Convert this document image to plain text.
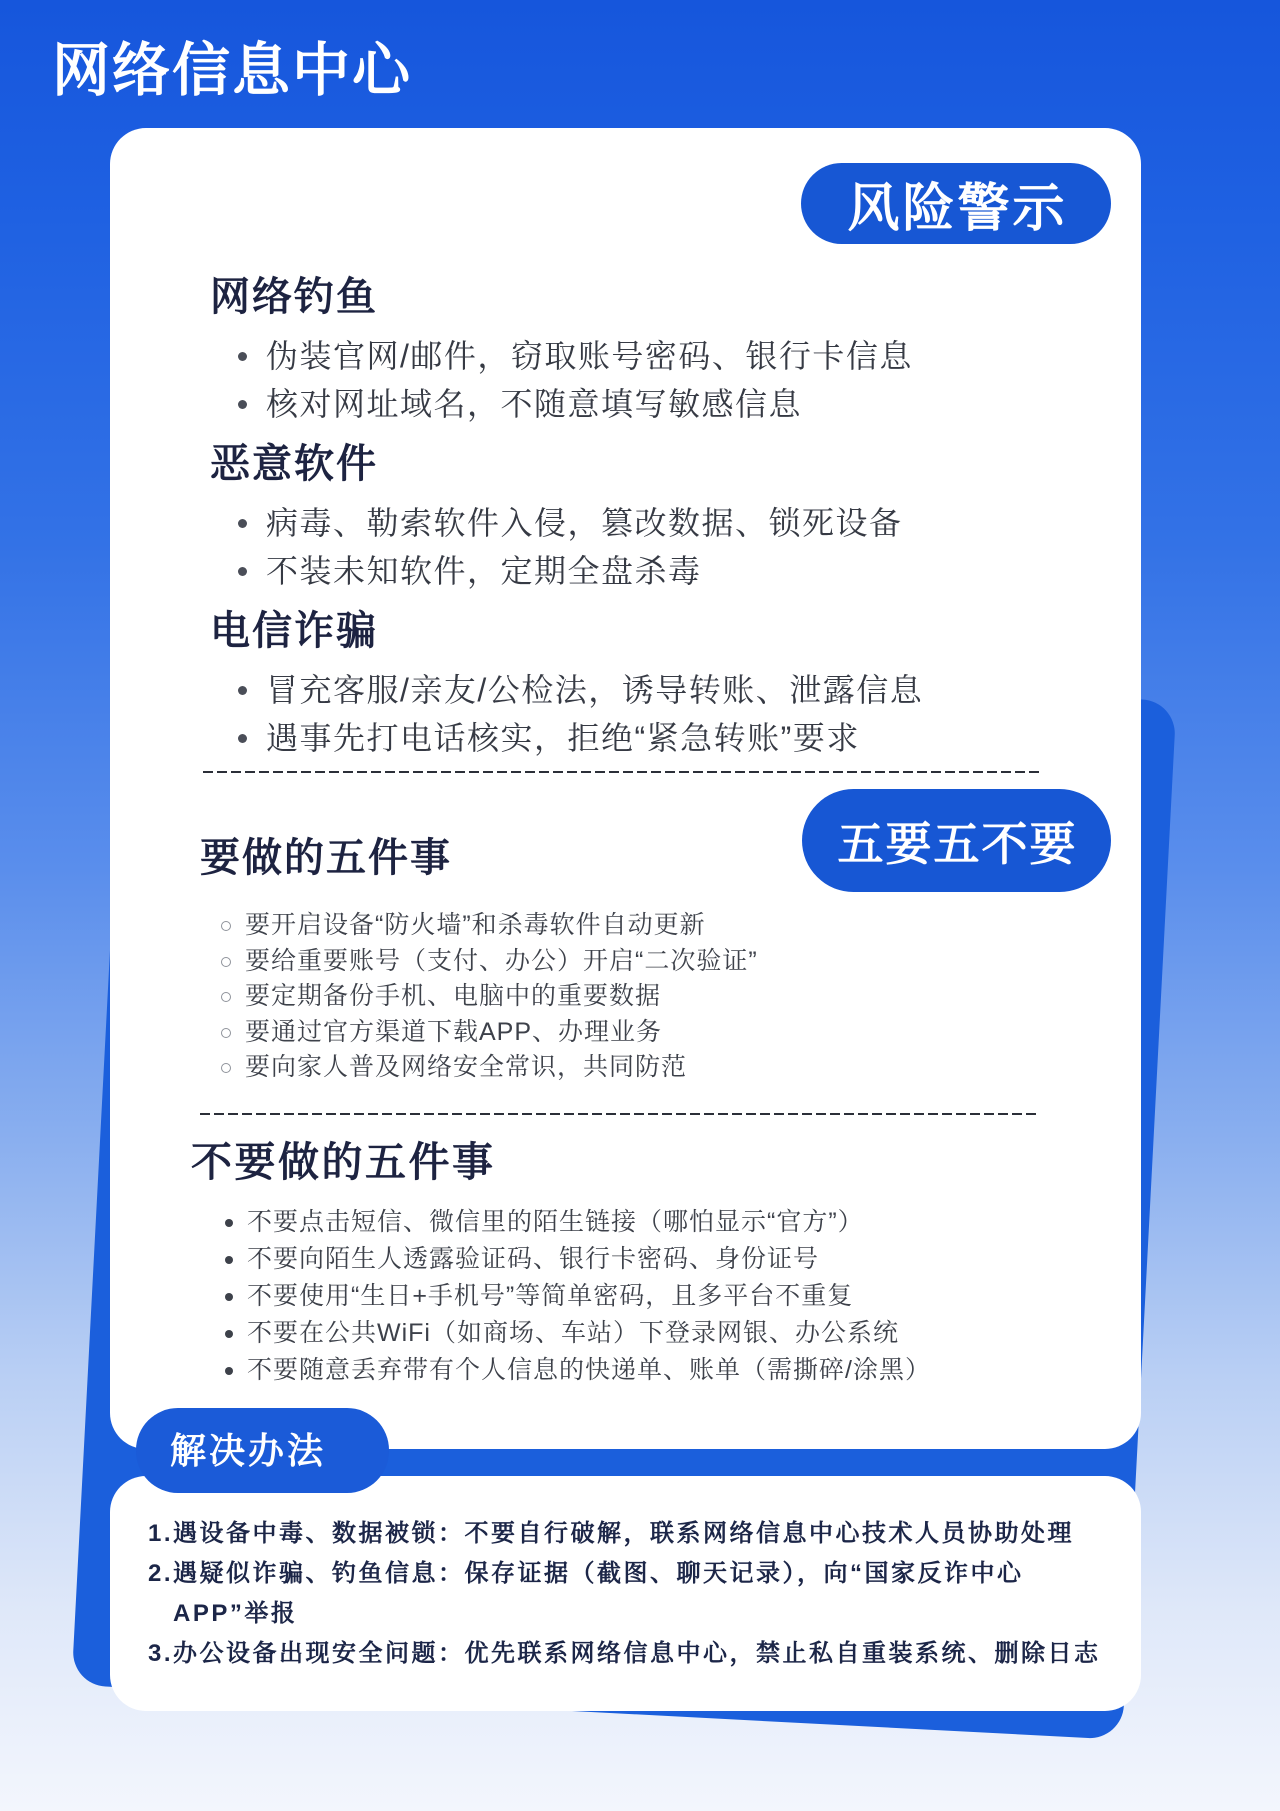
网络信息中心
风险警示
网络钓鱼
伪装官网/邮件，窃取账号密码、银行卡信息
核对网址域名，不随意填写敏感信息
恶意软件
病毒、勒索软件入侵，篡改数据、锁死设备
不装未知软件，定期全盘杀毒
电信诈骗
冒充客服/亲友/公检法，诱导转账、泄露信息
遇事先打电话核实，拒绝“紧急转账”要求
五要五不要
要做的五件事
要开启设备“防火墙”和杀毒软件自动更新
要给重要账号（支付、办公）开启“二次验证”
要定期备份手机、电脑中的重要数据
要通过官方渠道下载APP、办理业务
要向家人普及网络安全常识，共同防范
不要做的五件事
不要点击短信、微信里的陌生链接（哪怕显示“官方”）
不要向陌生人透露验证码、银行卡密码、身份证号
不要使用“生日+手机号”等简单密码，且多平台不重复
不要在公共WiFi（如商场、车站）下登录网银、办公系统
不要随意丢弃带有个人信息的快递单、账单（需撕碎/涂黑）
1.遇设备中毒、数据被锁：不要自行破解，联系网络信息中心技术人员协助处理
2.遇疑似诈骗、钓鱼信息：保存证据（截图、聊天记录），向“国家反诈中心
APP”举报
3.办公设备出现安全问题：优先联系网络信息中心，禁止私自重装系统、删除日志
解决办法
